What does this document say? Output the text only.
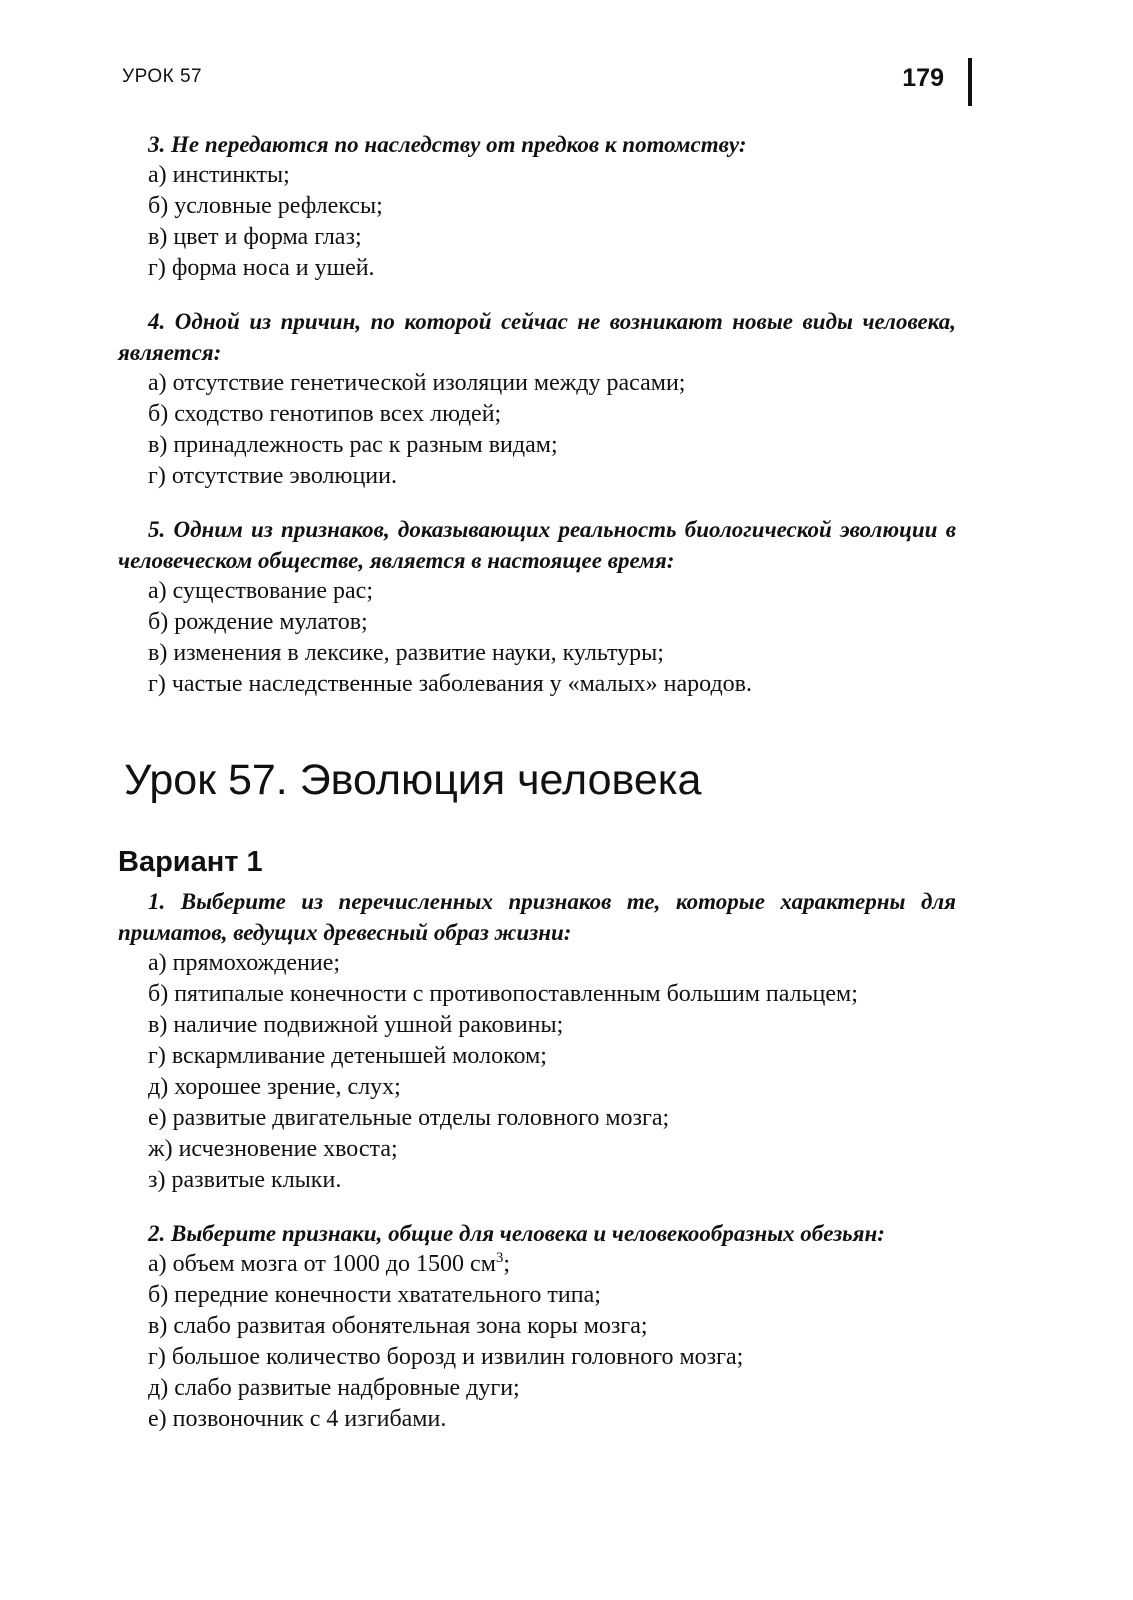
УРОК 57	179

3. Не передаются по наследству от предков к потомству:

а) инстинкты;
б) условные рефлексы;
в) цвет и форма глаз;
г) форма носа и ушей.

4. Одной из причин, по которой сейчас не возникают новые виды человека, является:

а) отсутствие генетической изоляции между расами;
б) сходство генотипов всех людей;
в) принадлежность рас к разным видам;
г) отсутствие эволюции.

5. Одним из признаков, доказывающих реальность биологической эволюции в человеческом обществе, является в настоящее время:

а) существование рас;
б) рождение мулатов;
в) изменения в лексике, развитие науки, культуры;
г) частые наследственные заболевания у «малых» народов.
Урок 57. Эволюция человека
Вариант 1

1. Выберите из перечисленных признаков те, которые характерны для приматов, ведущих древесный образ жизни:

а) прямохождение;
б) пятипалые конечности с противопоставленным большим пальцем;
в) наличие подвижной ушной раковины;
г) вскармливание детенышей молоком;
д) хорошее зрение, слух;
е) развитые двигательные отделы головного мозга;
ж) исчезновение хвоста;
з) развитые клыки.

2. Выберите признаки, общие для человека и человекообразных обезьян:

а) объем мозга от 1000 до 1500 $см^3$;
б) передние конечности хватательного типа;
в) слабо развитая обонятельная зона коры мозга;
г) большое количество борозд и извилин головного мозга;
д) слабо развитые надбровные дуги;
е) позвоночник с 4 изгибами.
